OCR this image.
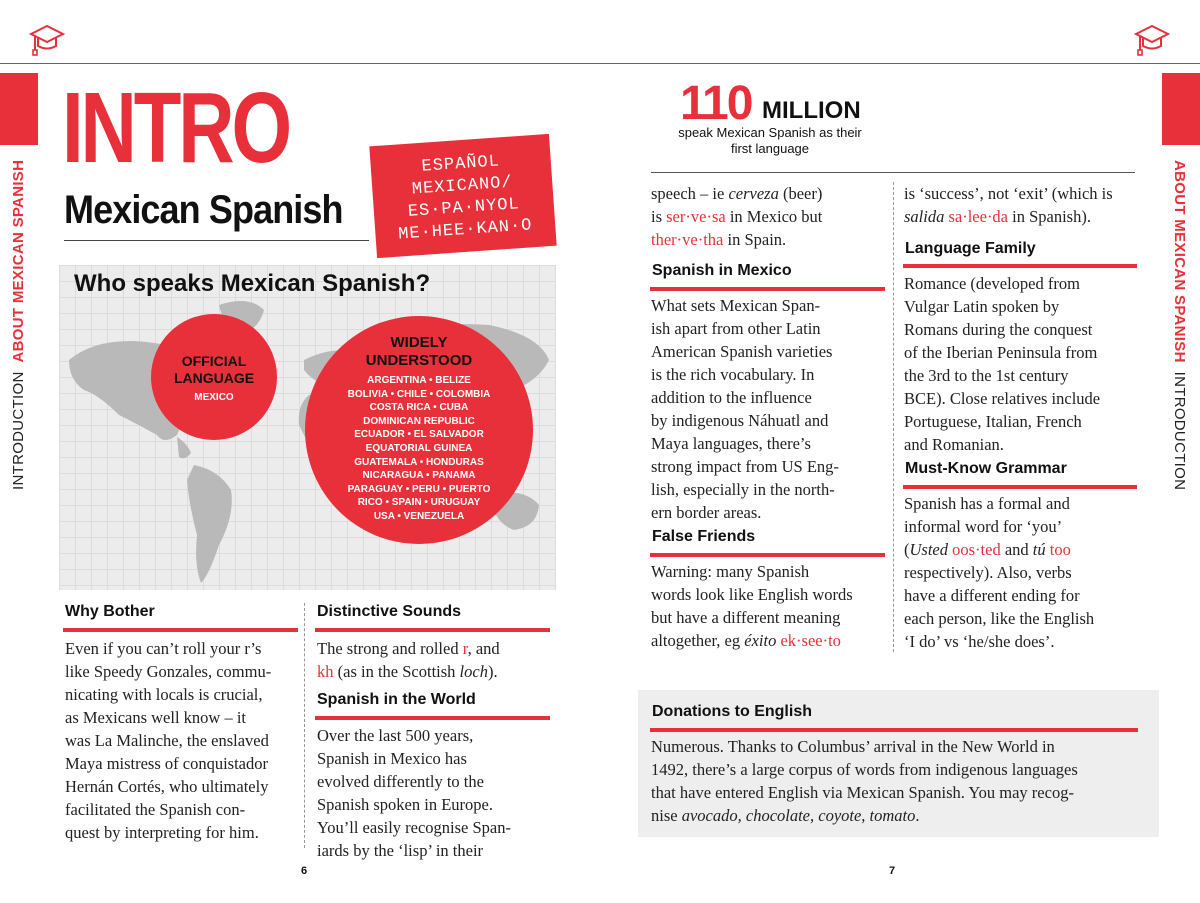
INTRODUCTION  ABOUT MEXICAN SPANISH	ABOUT MEXICAN SPANISH  INTRODUCTION
INTRO
Mexican Spanish
ESPAÑOL
MEXICANO/
ES·PA·NYOL
ME·HEE·KAN·O
Who speaks Mexican Spanish?
OFFICIAL
LANGUAGE
MEXICO
WIDELY
UNDERSTOOD
ARGENTINA • BELIZE
BOLIVIA • CHILE • COLOMBIA
COSTA RICA • CUBA
DOMINICAN REPUBLIC
ECUADOR • EL SALVADOR
EQUATORIAL GUINEA
GUATEMALA • HONDURAS
NICARAGUA • PANAMA
PARAGUAY • PERU • PUERTO
RICO • SPAIN • URUGUAY
USA • VENEZUELA
Why Bother
Even if you can’t roll your r’s
like Speedy Gonzales, commu-
nicating with locals is crucial,
as Mexicans well know – it
was La Malinche, the enslaved
Maya mistress of conquistador
Hernán Cortés, who ultimately
facilitated the Spanish con-
quest by interpreting for him.
Distinctive Sounds
The strong and rolled r, and
kh (as in the Scottish loch).
Spanish in the World
Over the last 500 years,
Spanish in Mexico has
evolved differently to the
Spanish spoken in Europe.
You’ll easily recognise Span-
iards by the ‘lisp’ in their
6	7
110 MILLION
speak Mexican Spanish as their
first language
speech – ie cerveza (beer)
is ser·ve·sa in Mexico but
ther·ve·tha in Spain.
Spanish in Mexico
What sets Mexican Span-
ish apart from other Latin
American Spanish varieties
is the rich vocabulary. In
addition to the influence
by indigenous Náhuatl and
Maya languages, there’s
strong impact from US Eng-
lish, especially in the north-
ern border areas.
False Friends
Warning: many Spanish
words look like English words
but have a different meaning
altogether, eg éxito ek·see·to
is ‘success’, not ‘exit’ (which is
salida sa·lee·da in Spanish).
Language Family
Romance (developed from
Vulgar Latin spoken by
Romans during the conquest
of the Iberian Peninsula from
the 3rd to the 1st century
BCE). Close relatives include
Portuguese, Italian, French
and Romanian.
Must-Know Grammar
Spanish has a formal and
informal word for ‘you’
(Usted oos·ted and tú too
respectively). Also, verbs
have a different ending for
each person, like the English
‘I do’ vs ‘he/she does’.
Donations to English
Numerous. Thanks to Columbus’ arrival in the New World in
1492, there’s a large corpus of words from indigenous languages
that have entered English via Mexican Spanish. You may recog-
nise avocado, chocolate, coyote, tomato.
